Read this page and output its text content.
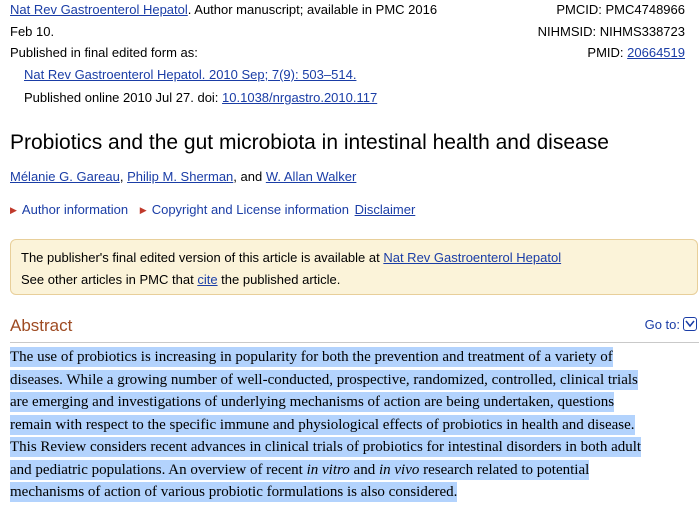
Nat Rev Gastroenterol Hepatol. Author manuscript; available in PMC 2016
Feb 10.
Published in final edited form as:
Nat Rev Gastroenterol Hepatol. 2010 Sep; 7(9): 503–514.
Published online 2010 Jul 27. doi: 10.1038/nrgastro.2010.117
PMCID: PMC4748966
NIHMSID: NIHMS338723
PMID: 20664519
Probiotics and the gut microbiota in intestinal health and disease
Mélanie G. Gareau, Philip M. Sherman, and W. Allan Walker
▶ Author information ▶ Copyright and License information Disclaimer
The publisher's final edited version of this article is available at Nat Rev Gastroenterol Hepatol
See other articles in PMC that cite the published article.
Abstract	Go to:
The use of probiotics is increasing in popularity for both the prevention and treatment of a variety of
diseases. While a growing number of well-conducted, prospective, randomized, controlled, clinical trials
are emerging and investigations of underlying mechanisms of action are being undertaken, questions
remain with respect to the specific immune and physiological effects of probiotics in health and disease.
This Review considers recent advances in clinical trials of probiotics for intestinal disorders in both adult
and pediatric populations. An overview of recent in vitro and in vivo research related to potential
mechanisms of action of various probiotic formulations is also considered.
